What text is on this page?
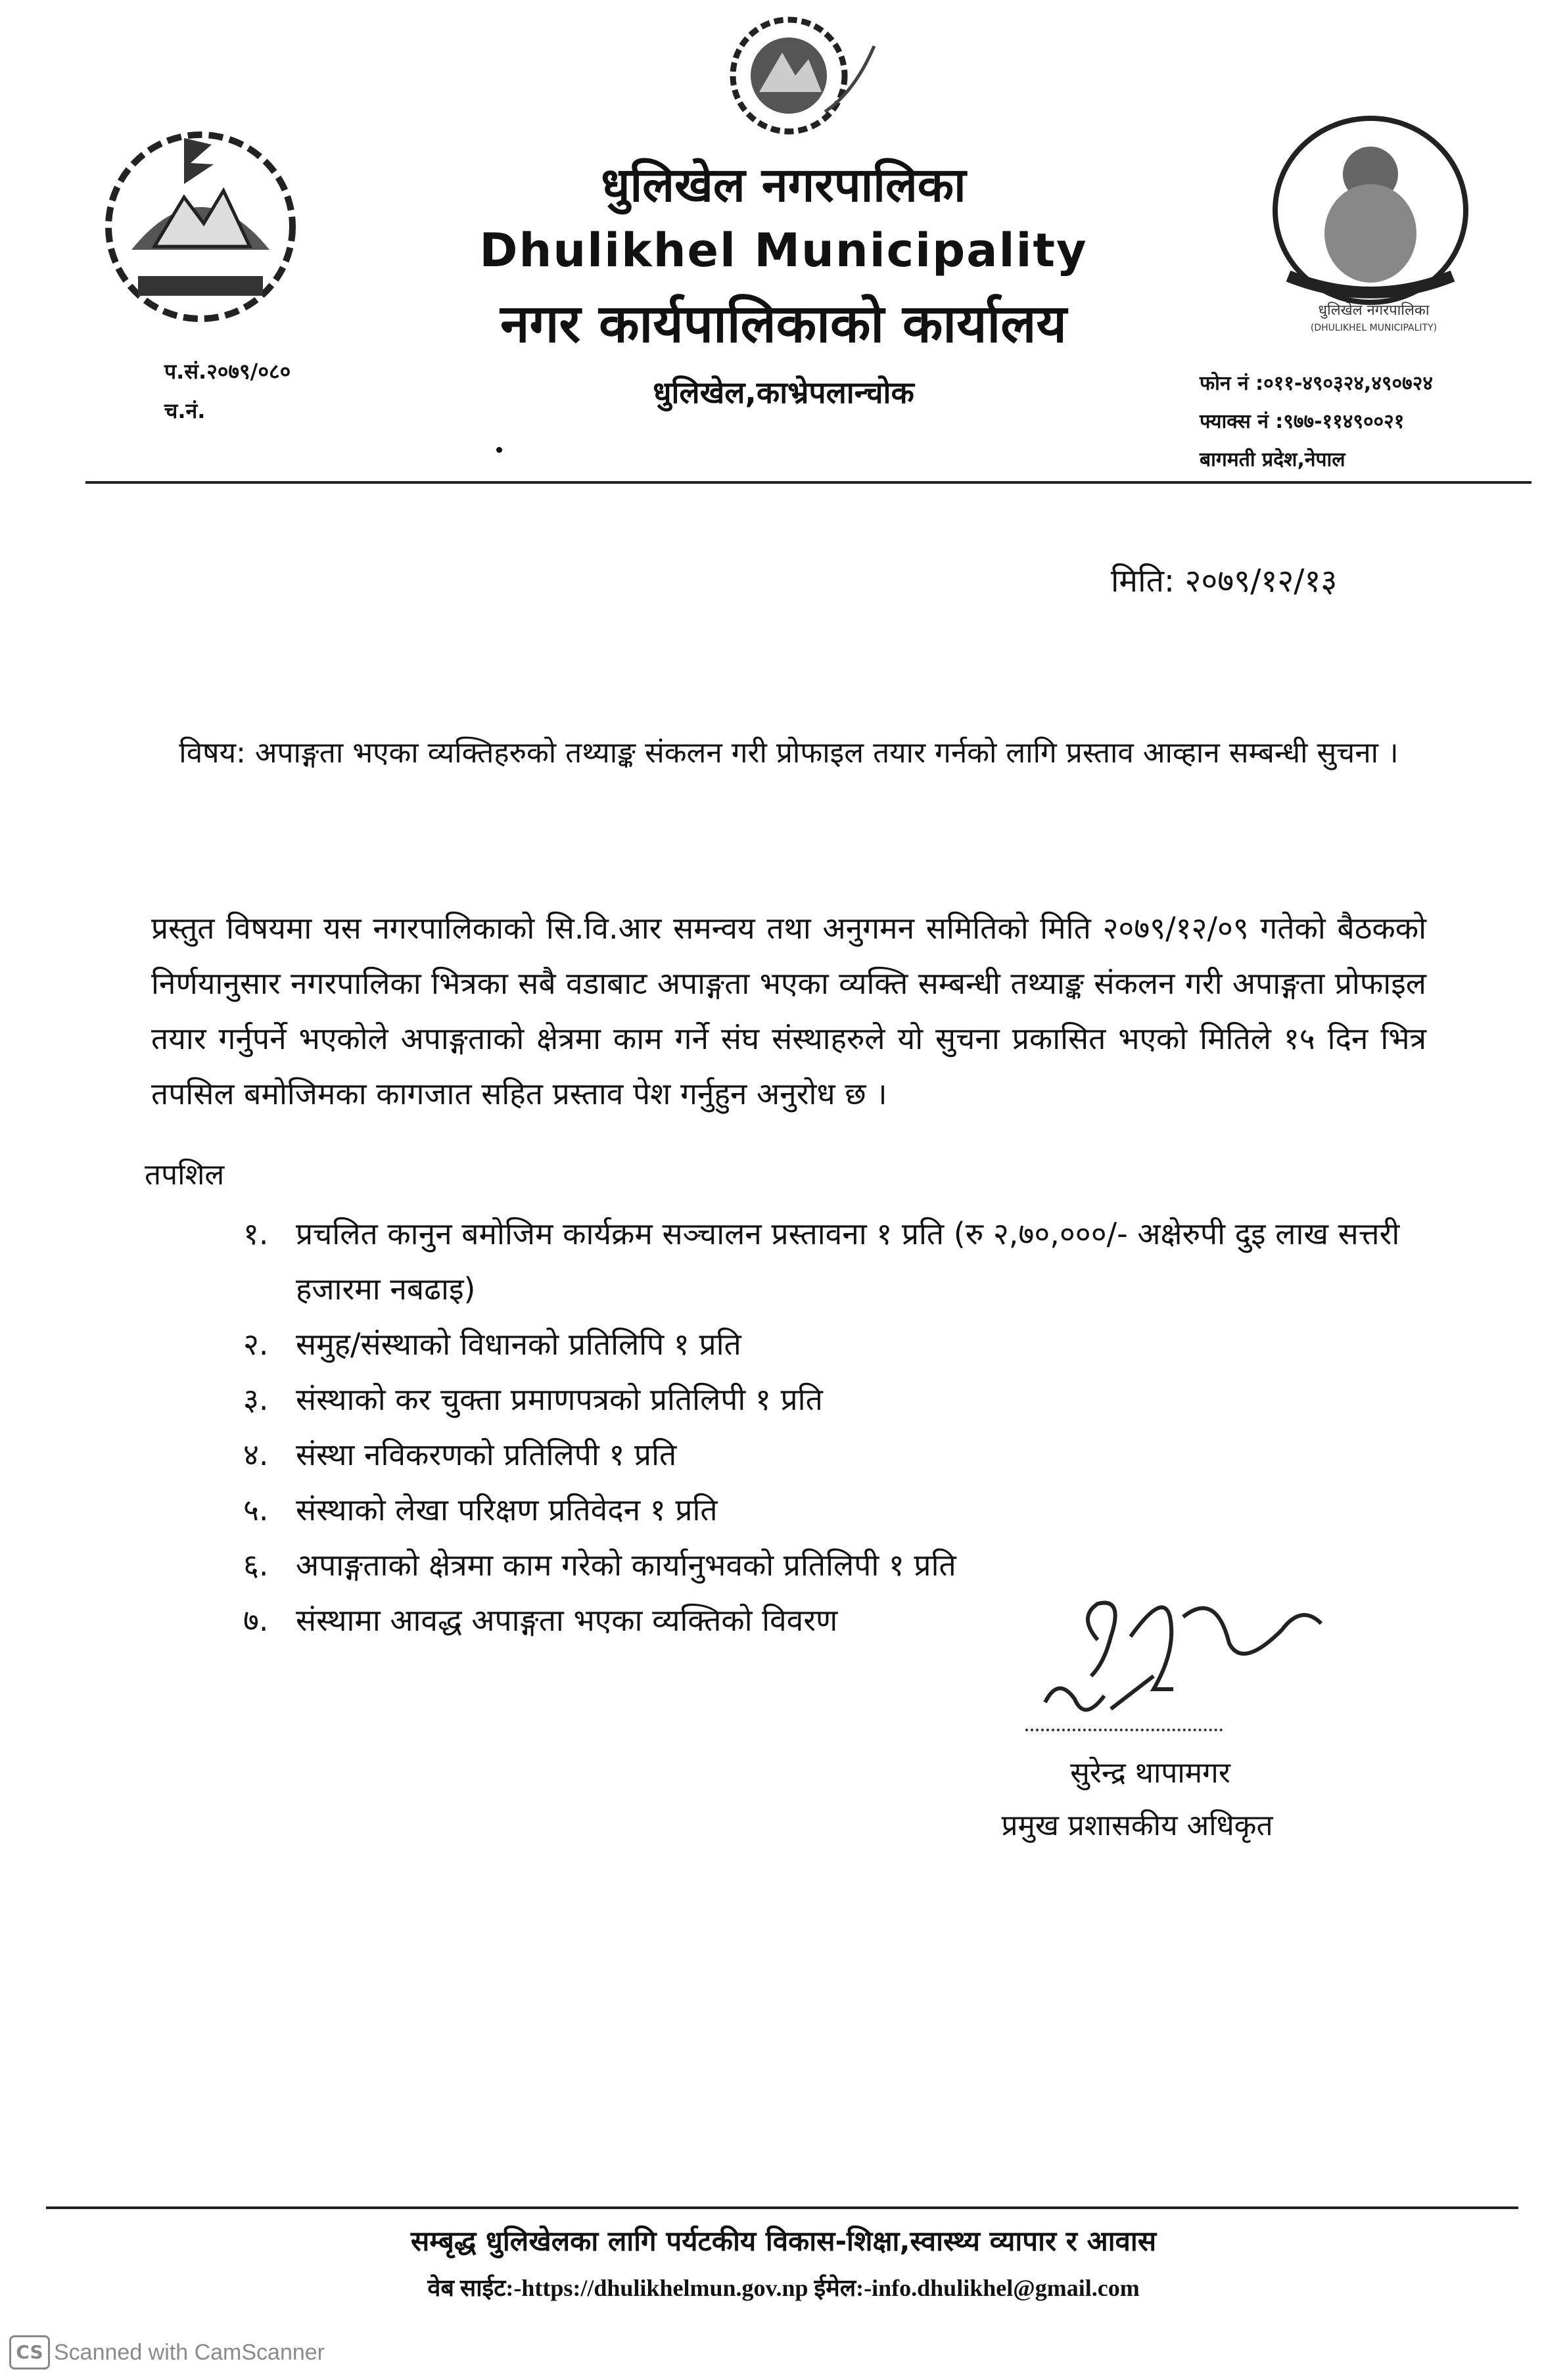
धुलिखेल नगरपालिका
(DHULIKHEL MUNICIPALITY)
धुलिखेल नगरपालिका
Dhulikhel Municipality
नगर कार्यपालिकाको कार्यालय
धुलिखेल,काभ्रेपलान्चोक
प.सं.२०७९/०८०
च.नं.
फोन नं :०११-४९०३२४,४९०७२४
फ्याक्स नं :९७७-११४९००२१
बागमती प्रदेश,नेपाल
मिति: २०७९/१२/१३
विषय: अपाङ्गता भएका व्यक्तिहरुको तथ्याङ्क संकलन गरी प्रोफाइल तयार गर्नको लागि प्रस्ताव आव्हान सम्बन्धी सुचना ।
प्रस्तुत विषयमा यस नगरपालिकाको सि.वि.आर समन्वय तथा अनुगमन समितिको मिति २०७९/१२/०९ गतेको बैठकको निर्णयानुसार नगरपालिका भित्रका सबै वडाबाट अपाङ्गता भएका व्यक्ति सम्बन्धी तथ्याङ्क संकलन गरी अपाङ्गता प्रोफाइल तयार गर्नुपर्ने भएकोले अपाङ्गताको क्षेत्रमा काम गर्ने संघ संस्थाहरुले यो सुचना प्रकासित भएको मितिले १५ दिन भित्र तपसिल बमोजिमका कागजात सहित प्रस्ताव पेश गर्नुहुन अनुरोध छ ।
तपशिल
१. प्रचलित कानुन बमोजिम कार्यक्रम सञ्चालन प्रस्तावना १ प्रति (रु २,७०,०००/- अक्षेरुपी दुइ लाख सत्तरी हजारमा नबढाइ)
२. समुह/संस्थाको विधानको प्रतिलिपि १ प्रति
३. संस्थाको कर चुक्ता प्रमाणपत्रको प्रतिलिपी १ प्रति
४. संस्था नविकरणको प्रतिलिपी १ प्रति
५. संस्थाको लेखा परिक्षण प्रतिवेदन १ प्रति
६. अपाङ्गताको क्षेत्रमा काम गरेको कार्यानुभवको प्रतिलिपी १ प्रति
७. संस्थामा आवद्ध अपाङ्गता भएका व्यक्तिको विवरण
सुरेन्द्र थापामगर
प्रमुख प्रशासकीय अधिकृत
सम्बृद्ध धुलिखेलका लागि पर्यटकीय विकास-शिक्षा,स्वास्थ्य व्यापार र आवास
वेब साईट:-https://dhulikhelmun.gov.np ईमेल:-info.dhulikhel@gmail.com
CS Scanned with CamScanner
